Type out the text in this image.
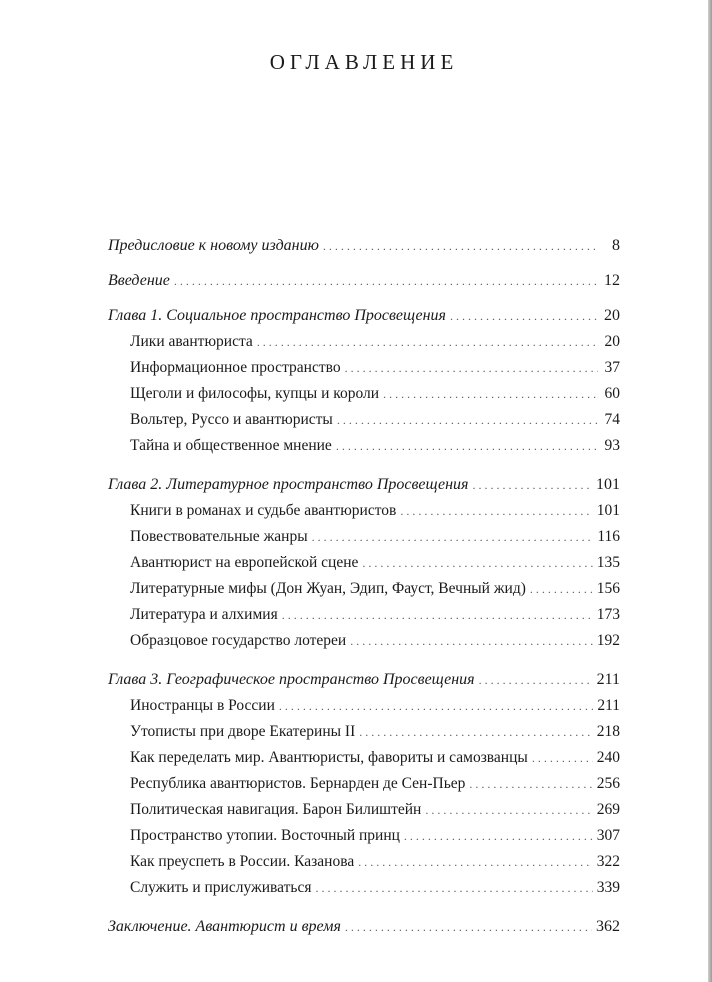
ОГЛАВЛЕНИЕ
Предисловие к новому изданию . . .	8
Введение . . .	12
Глава 1. Социальное пространство Просвещения . . .	20
Лики авантюриста . . .	20
Информационное пространство . . .	37
Щеголи и философы, купцы и короли . . .	60
Вольтер, Руссо и авантюристы . . .	74
Тайна и общественное мнение . . .	93
Глава 2. Литературное пространство Просвещения . . .	101
Книги в романах и судьбе авантюристов . . .	101
Повествовательные жанры . . .	116
Авантюрист на европейской сцене . . .	135
Литературные мифы (Дон Жуан, Эдип, Фауст, Вечный жид) . . .	156
Литература и алхимия . . .	173
Образцовое государство лотереи . . .	192
Глава 3. Географическое пространство Просвещения . . .	211
Иностранцы в России . . .	211
Утописты при дворе Екатерины II . . .	218
Как переделать мир. Авантюристы, фавориты и самозванцы . . .	240
Республика авантюристов. Бернарден де Сен-Пьер . . .	256
Политическая навигация. Барон Билиштейн . . .	269
Пространство утопии. Восточный принц . . .	307
Как преуспеть в России. Казанова . . .	322
Служить и прислуживаться . . .	339
Заключение. Авантюрист и время . . .	362
